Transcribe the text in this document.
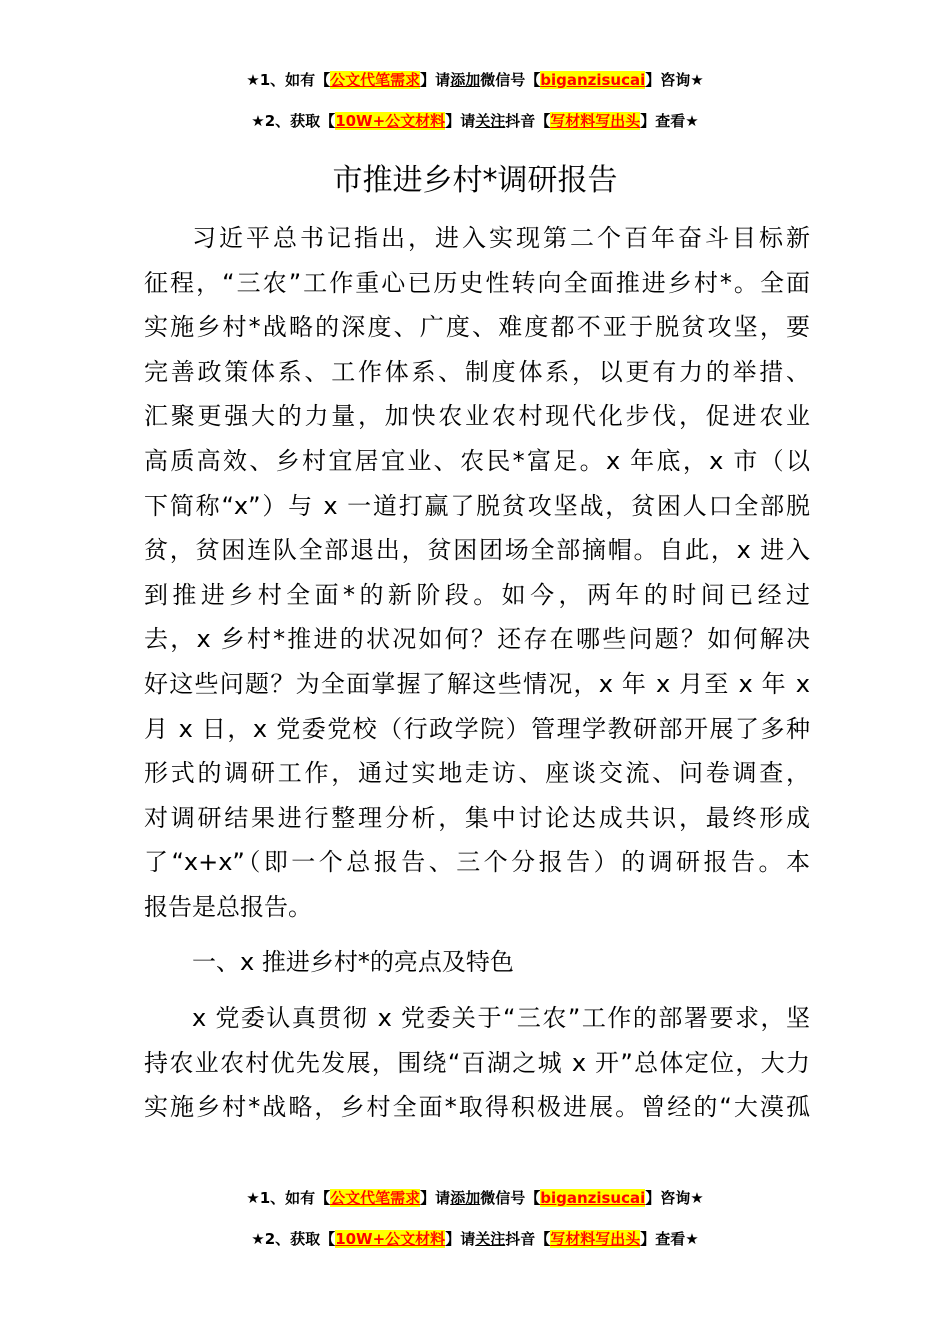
★1、如有【公文代笔需求】请添加微信号【biganzisucai】咨询★
★2、获取【10W+公文材料】请关注抖音【写材料写出头】查看★
市推进乡村*调研报告
习近平总书记指出，进入实现第二个百年奋斗目标新
征程，“三农”工作重心已历史性转向全面推进乡村*。全面
实施乡村*战略的深度、广度、难度都不亚于脱贫攻坚，要
完善政策体系、工作体系、制度体系，以更有力的举措、
汇聚更强大的力量，加快农业农村现代化步伐，促进农业
高质高效、乡村宜居宜业、农民*富足。x 年底，x 市（以
下简称“x”）与 x 一道打赢了脱贫攻坚战，贫困人口全部脱
贫，贫困连队全部退出，贫困团场全部摘帽。自此，x 进入
到推进乡村全面*的新阶段。如今，两年的时间已经过
去，x 乡村*推进的状况如何？还存在哪些问题？如何解决
好这些问题？为全面掌握了解这些情况，x 年 x 月至 x 年 x
月 x 日，x 党委党校（行政学院）管理学教研部开展了多种
形式的调研工作，通过实地走访、座谈交流、问卷调查，
对调研结果进行整理分析，集中讨论达成共识，最终形成
了“x+x”（即一个总报告、三个分报告）的调研报告。本
报告是总报告。
一、x 推进乡村*的亮点及特色
x 党委认真贯彻 x 党委关于“三农”工作的部署要求，坚
持农业农村优先发展，围绕“百湖之城 x 开”总体定位，大力
实施乡村*战略，乡村全面*取得积极进展。曾经的“大漠孤
★1、如有【公文代笔需求】请添加微信号【biganzisucai】咨询★
★2、获取【10W+公文材料】请关注抖音【写材料写出头】查看★
